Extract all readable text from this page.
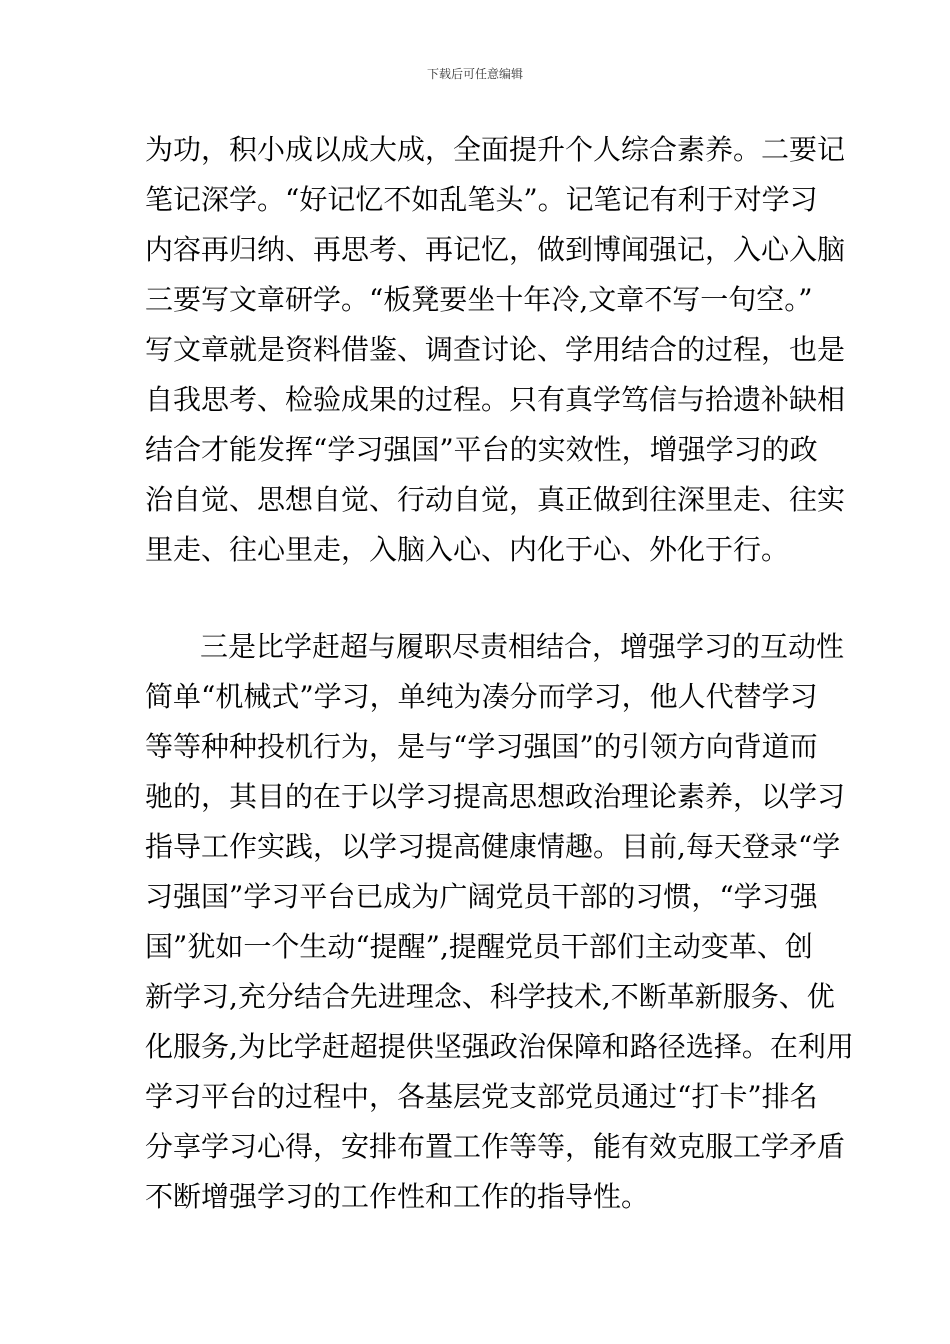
下载后可任意编辑
为功，积小成以成大成，全面提升个人综合素养。二要记
笔记深学。“好记忆不如乱笔头”。记笔记有利于对学习
内容再归纳、再思考、再记忆，做到博闻强记，入心入脑
三要写文章研学。“板凳要坐十年冷,文章不写一句空。”
写文章就是资料借鉴、调查讨论、学用结合的过程，也是
自我思考、检验成果的过程。只有真学笃信与拾遗补缺相
结合才能发挥“学习强国”平台的实效性，增强学习的政
治自觉、思想自觉、行动自觉，真正做到往深里走、往实
里走、往心里走，入脑入心、内化于心、外化于行。
三是比学赶超与履职尽责相结合，增强学习的互动性
简单“机械式”学习，单纯为凑分而学习，他人代替学习
等等种种投机行为，是与“学习强国”的引领方向背道而
驰的，其目的在于以学习提高思想政治理论素养，以学习
指导工作实践，以学习提高健康情趣。目前,每天登录“学
习强国”学习平台已成为广阔党员干部的习惯，“学习强
国”犹如一个生动“提醒”,提醒党员干部们主动变革、创
新学习,充分结合先进理念、科学技术,不断革新服务、优
化服务,为比学赶超提供坚强政治保障和路径选择。在利用
学习平台的过程中，各基层党支部党员通过“打卡”排名
分享学习心得，安排布置工作等等，能有效克服工学矛盾
不断增强学习的工作性和工作的指导性。
